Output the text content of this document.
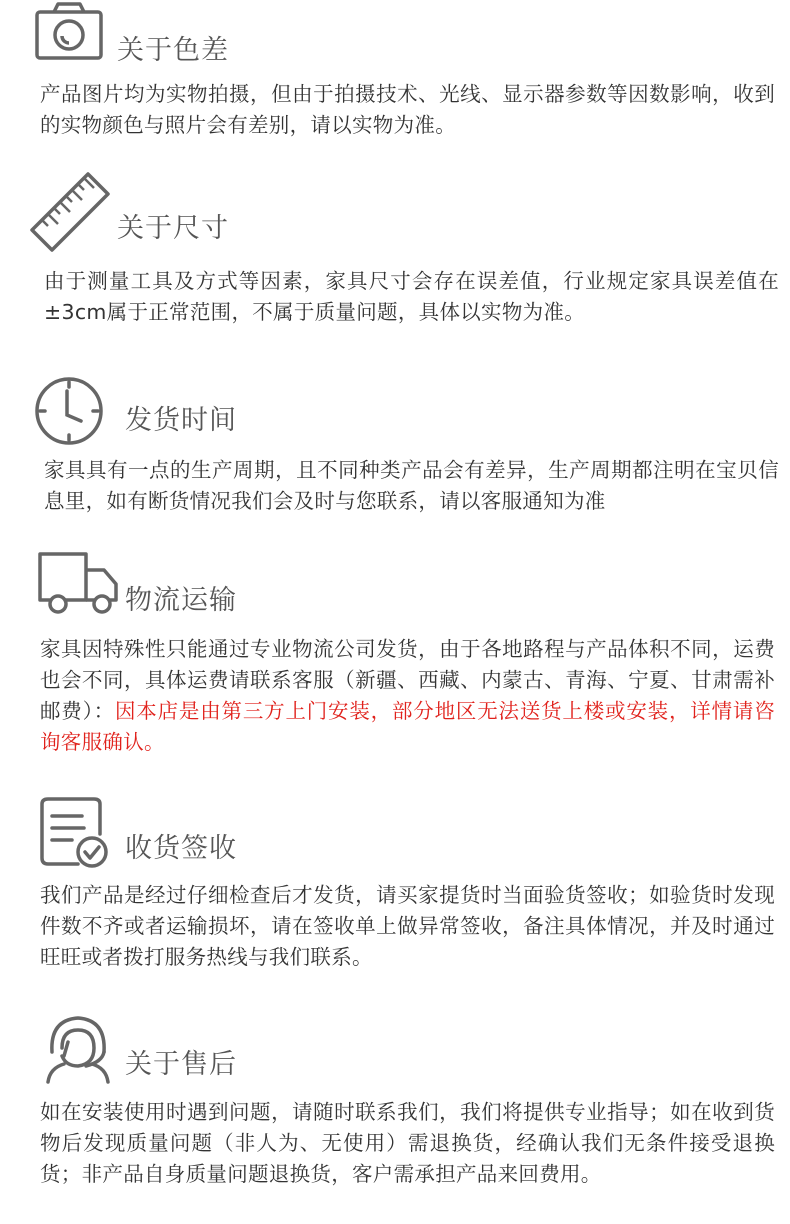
关于色差
产品图片均为实物拍摄，但由于拍摄技术、光线、显示器参数等因数影响，收到的实物颜色与照片会有差别，请以实物为准。
关于尺寸
由于测量工具及方式等因素，家具尺寸会存在误差值，行业规定家具误差值在±3cm属于正常范围，不属于质量问题，具体以实物为准。
发货时间
家具具有一点的生产周期，且不同种类产品会有差异，生产周期都注明在宝贝信息里，如有断货情况我们会及时与您联系，请以客服通知为准
物流运输
家具因特殊性只能通过专业物流公司发货，由于各地路程与产品体积不同，运费也会不同，具体运费请联系客服（新疆、西藏、内蒙古、青海、宁夏、甘肃需补邮费）：因本店是由第三方上门安装，部分地区无法送货上楼或安装，详情请咨询客服确认。
收货签收
我们产品是经过仔细检查后才发货，请买家提货时当面验货签收；如验货时发现件数不齐或者运输损坏，请在签收单上做异常签收，备注具体情况，并及时通过旺旺或者拨打服务热线与我们联系。
关于售后
如在安装使用时遇到问题，请随时联系我们，我们将提供专业指导；如在收到货物后发现质量问题（非人为、无使用）需退换货，经确认我们无条件接受退换货；非产品自身质量问题退换货，客户需承担产品来回费用。
